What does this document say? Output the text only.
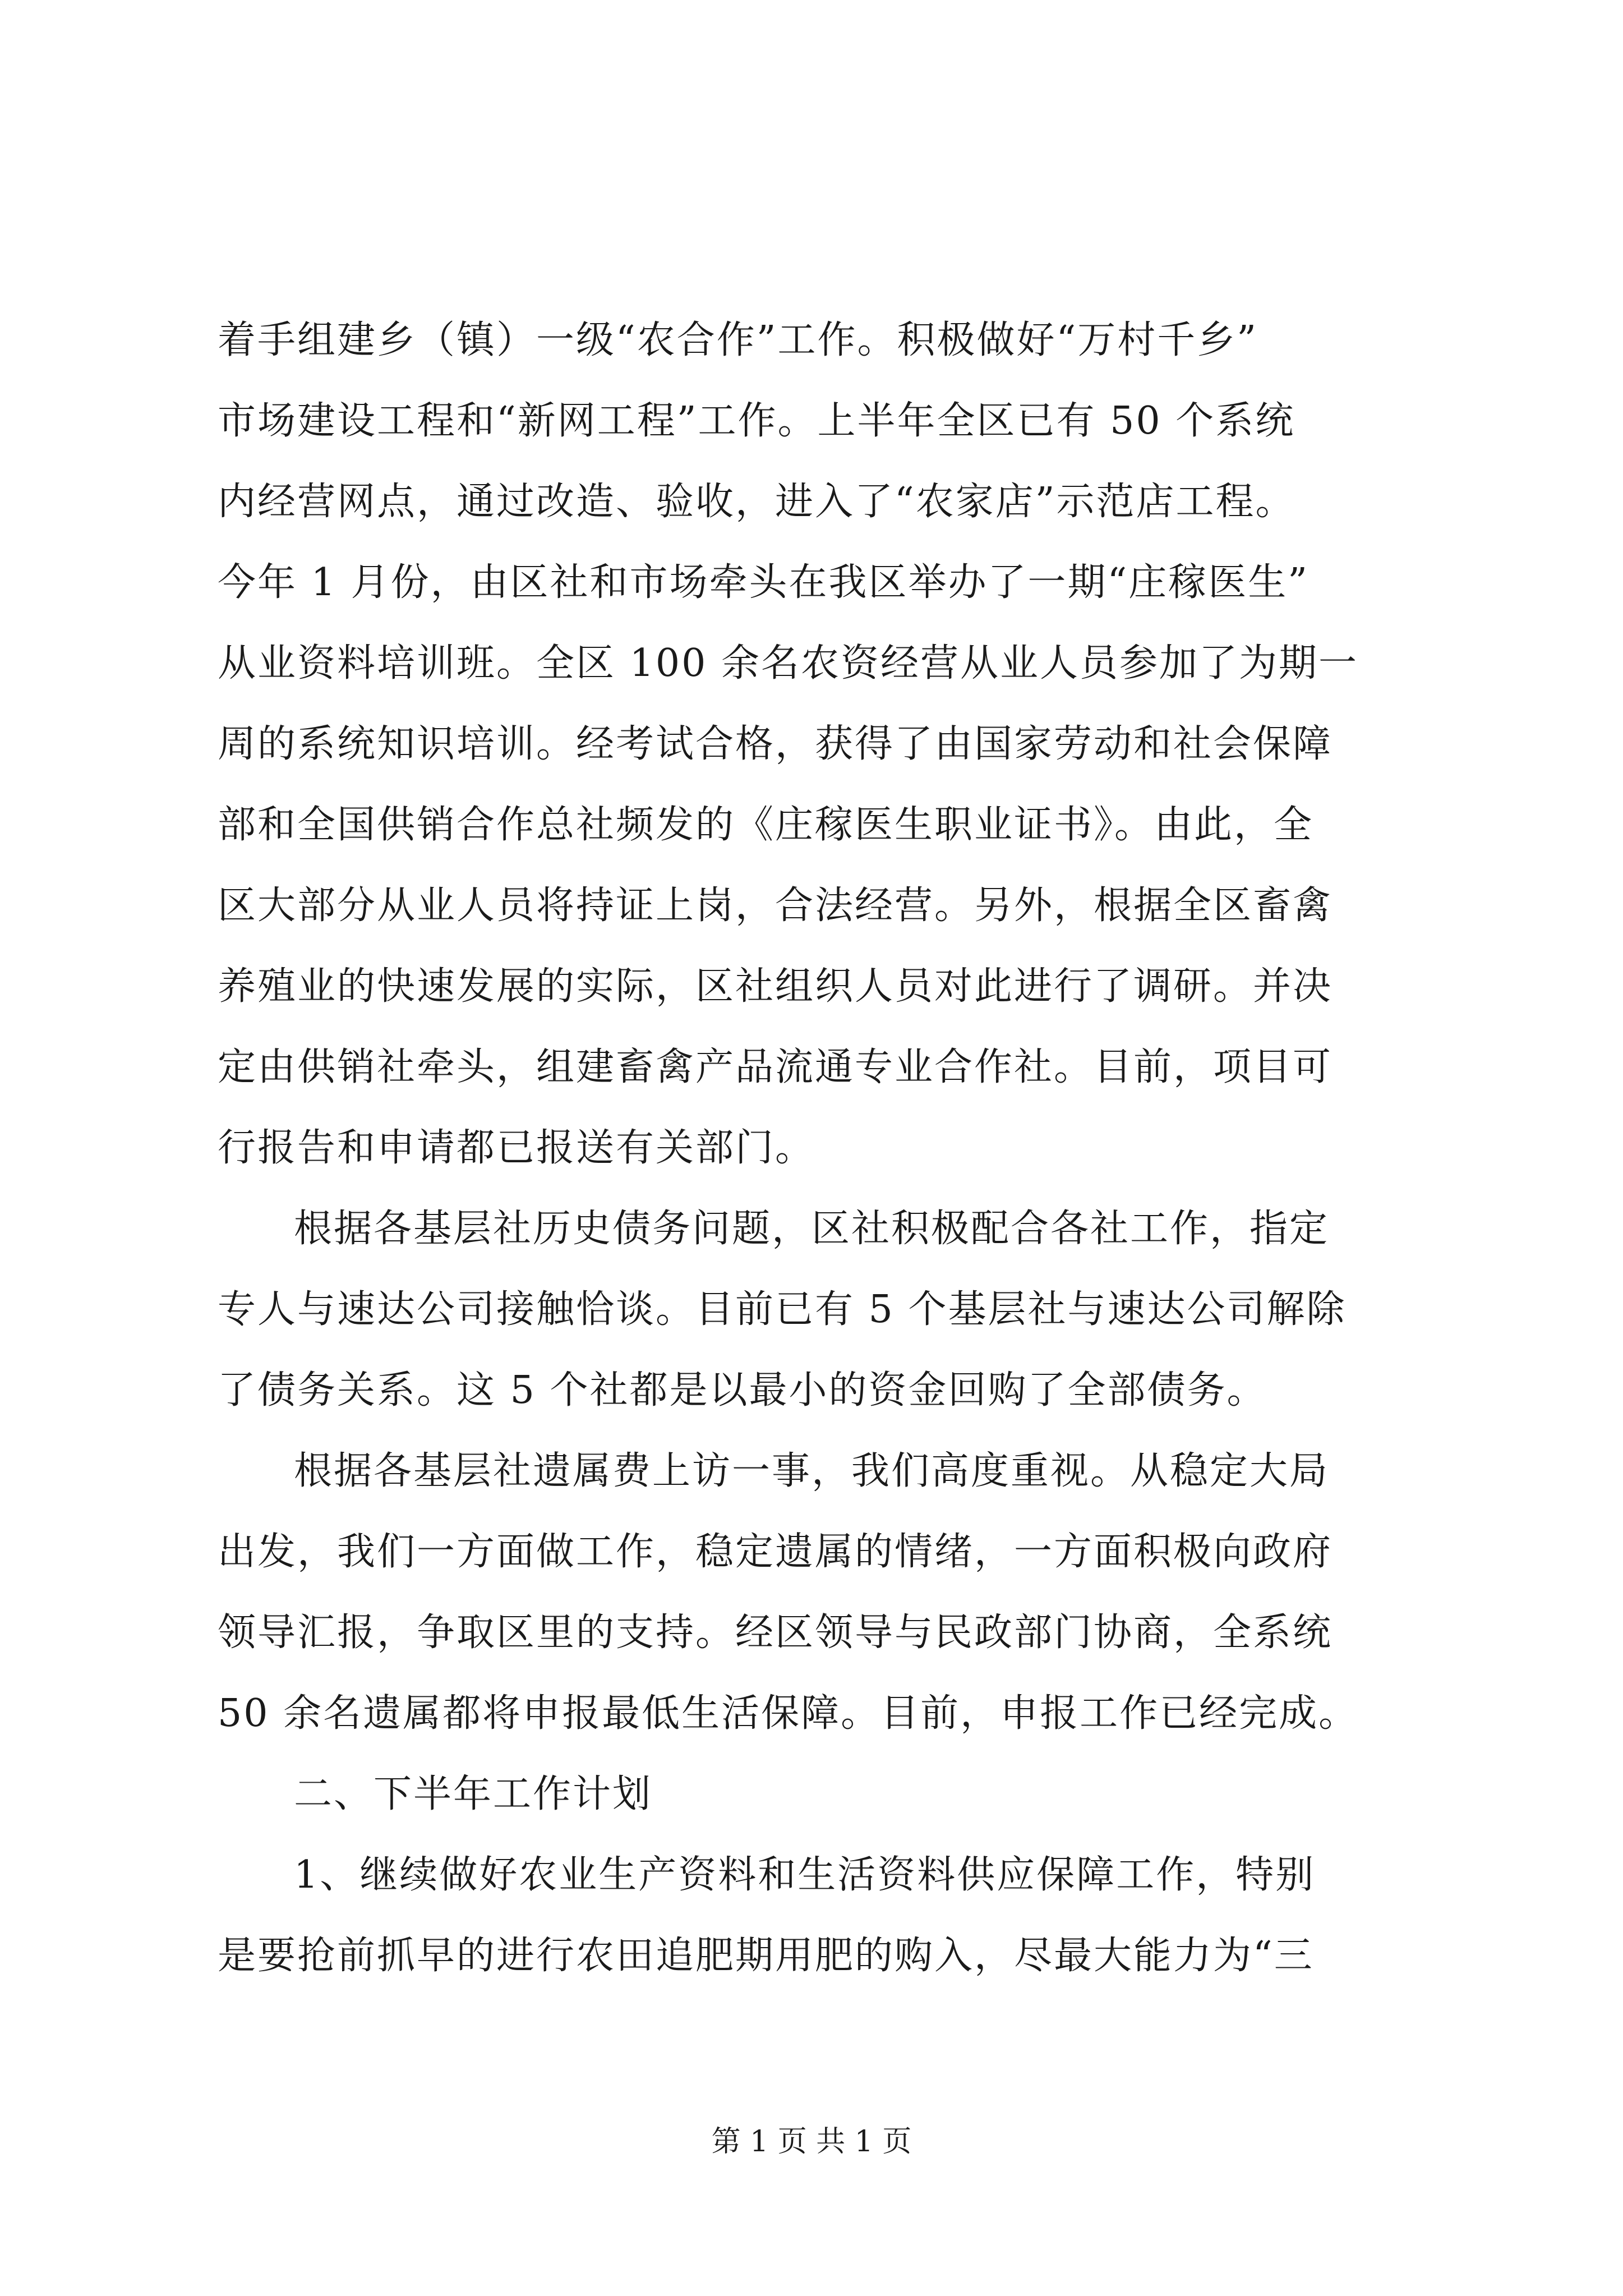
着手组建乡（镇）一级“农合作”工作。积极做好“万村千乡”
市场建设工程和“新网工程”工作。上半年全区已有 50 个系统
内经营网点，通过改造、验收，进入了“农家店”示范店工程。
今年 1 月份，由区社和市场牵头在我区举办了一期“庄稼医生”
从业资料培训班。全区 100 余名农资经营从业人员参加了为期一
周的系统知识培训。经考试合格，获得了由国家劳动和社会保障
部和全国供销合作总社频发的《庄稼医生职业证书》。由此，全
区大部分从业人员将持证上岗，合法经营。另外，根据全区畜禽
养殖业的快速发展的实际，区社组织人员对此进行了调研。并决
定由供销社牵头，组建畜禽产品流通专业合作社。目前，项目可
行报告和申请都已报送有关部门。
根据各基层社历史债务问题，区社积极配合各社工作，指定
专人与速达公司接触恰谈。目前已有 5 个基层社与速达公司解除
了债务关系。这 5 个社都是以最小的资金回购了全部债务。
根据各基层社遗属费上访一事，我们高度重视。从稳定大局
出发，我们一方面做工作，稳定遗属的情绪，一方面积极向政府
领导汇报，争取区里的支持。经区领导与民政部门协商，全系统
50 余名遗属都将申报最低生活保障。目前，申报工作已经完成。
二、下半年工作计划
1、继续做好农业生产资料和生活资料供应保障工作，特别
是要抢前抓早的进行农田追肥期用肥的购入，尽最大能力为“三
第 1 页 共 1 页
